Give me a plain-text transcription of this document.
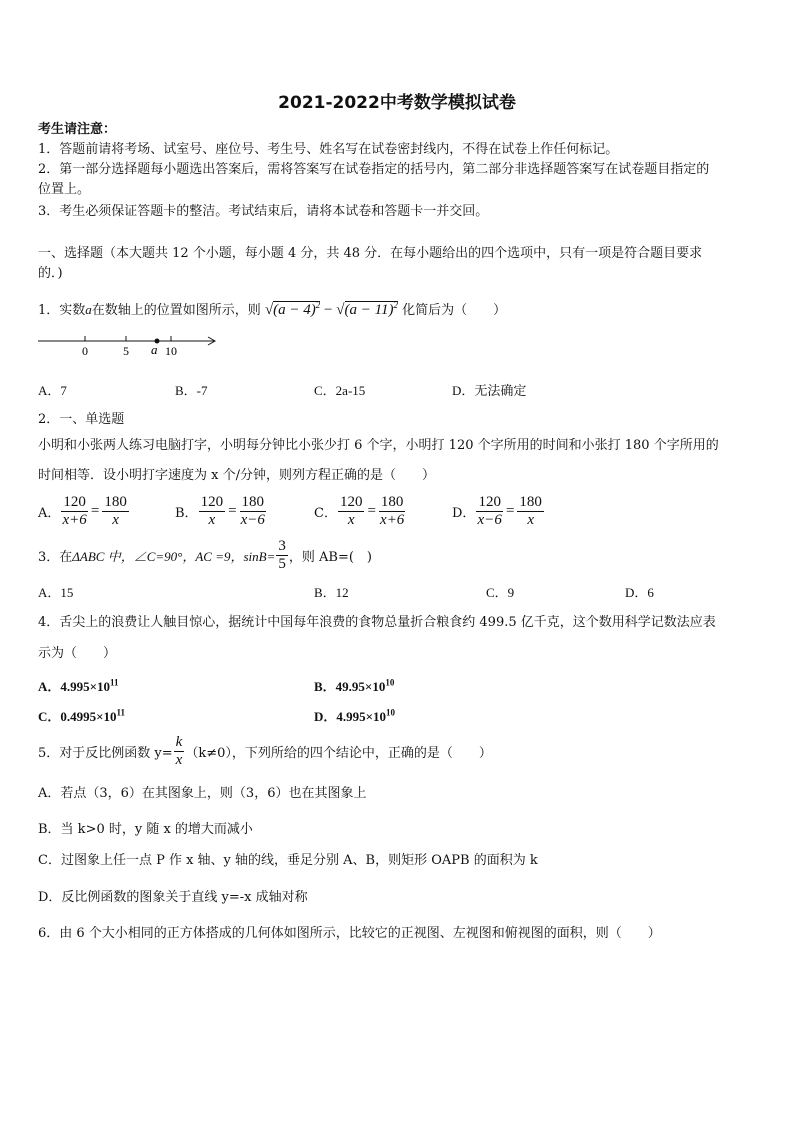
2021-2022中考数学模拟试卷
考生请注意：
1．答题前请将考场、试室号、座位号、考生号、姓名写在试卷密封线内，不得在试卷上作任何标记。
2．第一部分选择题每小题选出答案后，需将答案写在试卷指定的括号内，第二部分非选择题答案写在试卷题目指定的
位置上。
3．考生必须保证答题卡的整洁。考试结束后，请将本试卷和答题卡一并交回。
一、选择题（本大题共 12 个小题，每小题 4 分，共 48 分．在每小题给出的四个选项中，只有一项是符合题目要求
的．)
1．实数a在数轴上的位置如图所示，则 $√(a - 4)^2 - √(a - 11)^2$ 化简后为（　　）
0	5 a 10
A．7	B．-7	C．2a-15	D．无法确定
2．一、单选题
小明和小张两人练习电脑打字，小明每分钟比小张少打 6 个字，小明打 120 个字所用的时间和小张打 180 个字所用的
时间相等．设小明打字速度为 x 个/分钟，则列方程正确的是（　　）
A． $\frac{120}{x+6} = \frac{180}{x}$	B． $\frac{120}{x} = \frac{180}{x-6}$	C． $\frac{120}{x} = \frac{180}{x+6}$	D． $\frac{120}{x-6} = \frac{180}{x}$
3．在ΔABC 中，∠C=90°，AC =9，$\sin B= \frac{3}{5}$ ，则 AB=(　)
A．15	B．12	C．9	D．6
4．舌尖上的浪费让人触目惊心，据统计中国每年浪费的食物总量折合粮食约 499.5 亿千克，这个数用科学记数法应表
示为（　　）
A．$4.995\times 10^{11}$	B．$49.95\times 10^{10}$
C．$0.4995\times 10^{11}$	D．$4.995\times 10^{10}$
5．对于反比例函数 $y= \frac{k}{x} (k\ne 0)$，下列所给的四个结论中，正确的是（　　）
A．若点（3，6）在其图象上，则（3，6）也在其图象上
B．当 k>0 时，y 随 x 的增大而减小
C．过图象上任一点 P 作 x 轴、y 轴的线，垂足分别 A、B，则矩形 OAPB 的面积为 k
D．反比例函数的图象关于直线 y=-x 成轴对称
6．由 6 个大小相同的正方体搭成的几何体如图所示，比较它的正视图、左视图和俯视图的面积，则（　　）
